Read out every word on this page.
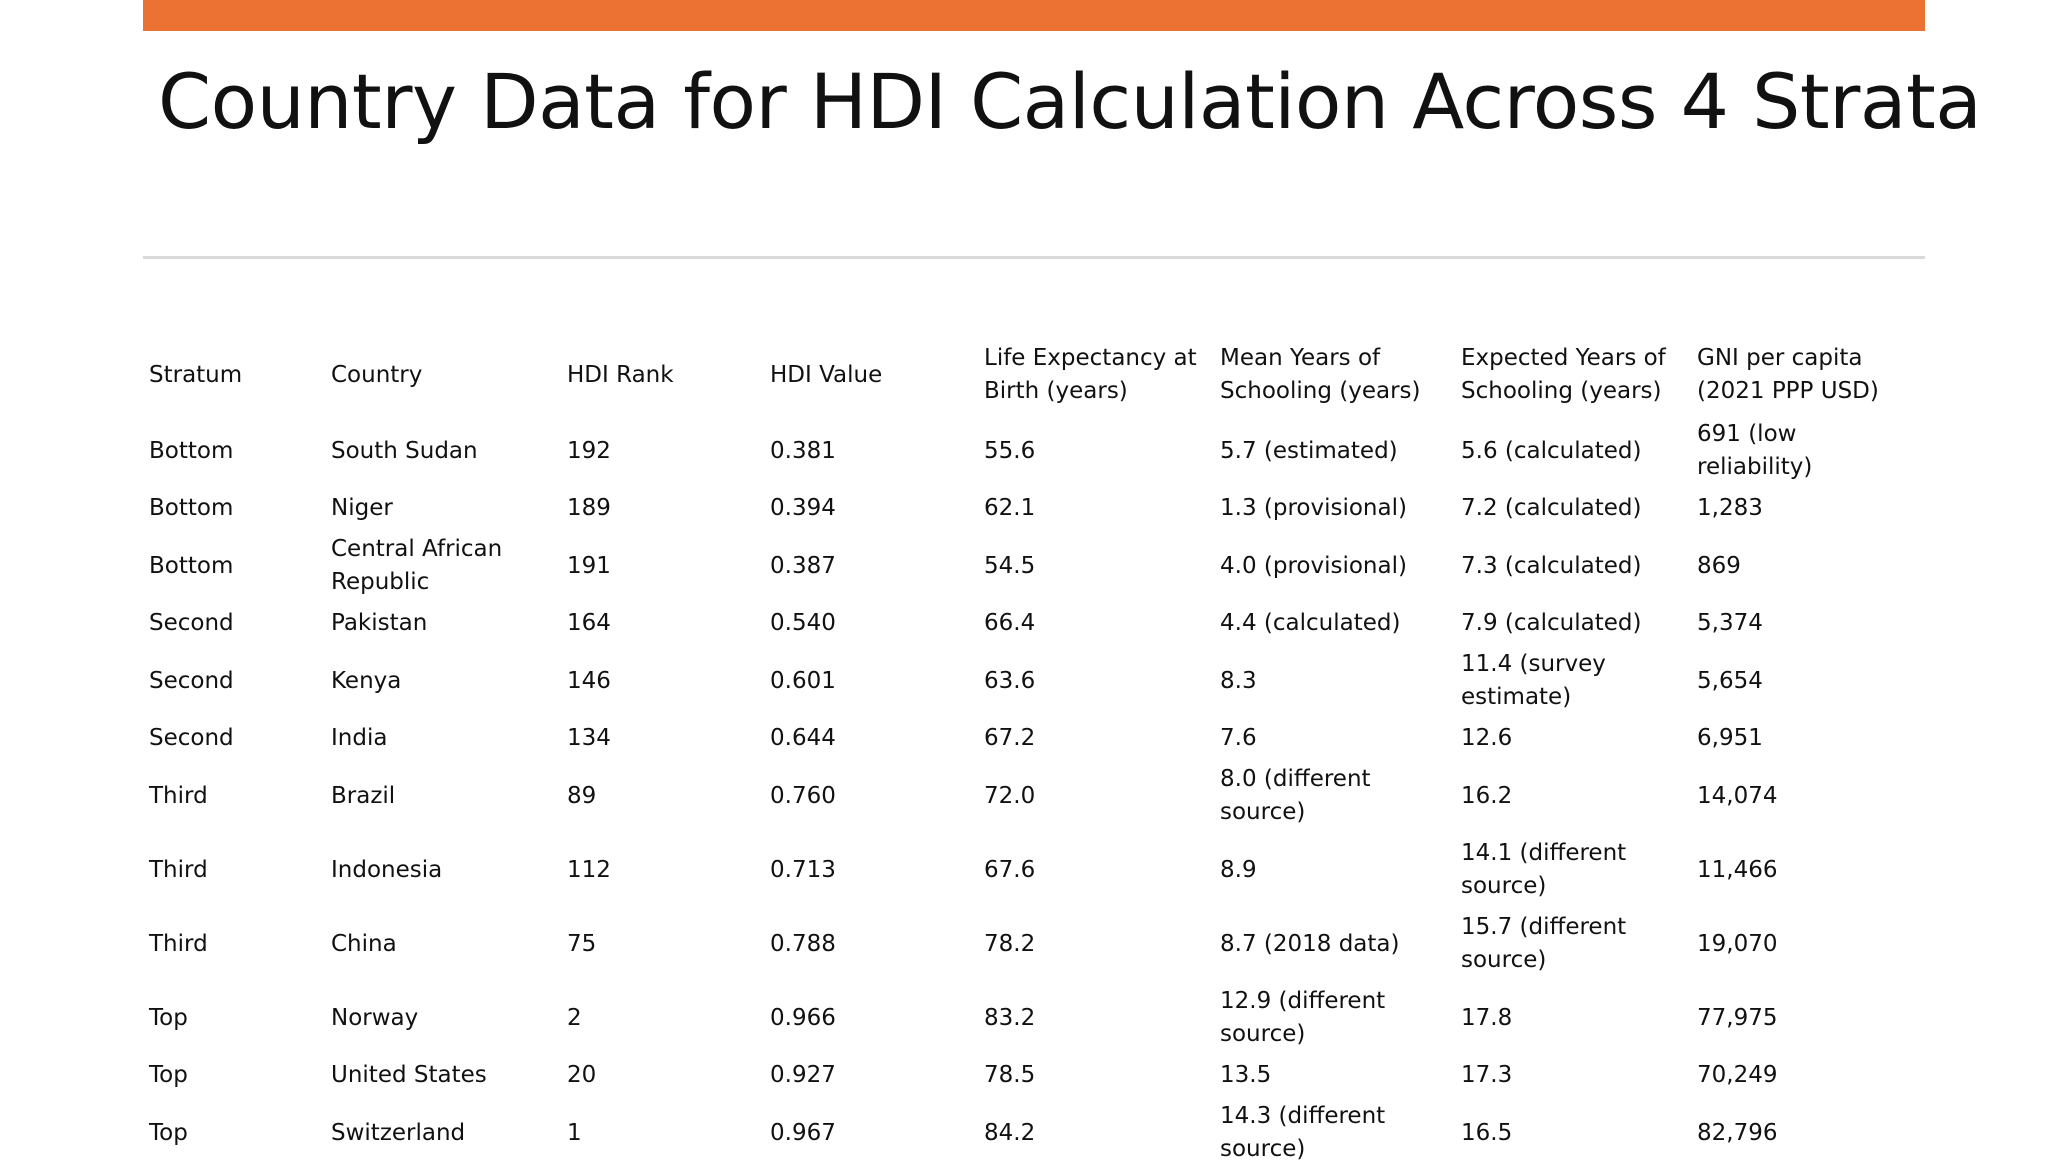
Country Data for HDI Calculation Across 4 Strata
Stratum	Country	HDI Rank	HDI Value	Life Expectancy at Birth (years)	Mean Years of Schooling (years)	Expected Years of Schooling (years)	GNI per capita (2021 PPP USD)
Bottom	South Sudan	192	0.381	55.6	5.7 (estimated)	5.6 (calculated)	691 (low reliability)
Bottom	Niger	189	0.394	62.1	1.3 (provisional)	7.2 (calculated)	1,283
Bottom	Central African Republic	191	0.387	54.5	4.0 (provisional)	7.3 (calculated)	869
Second	Pakistan	164	0.540	66.4	4.4 (calculated)	7.9 (calculated)	5,374
Second	Kenya	146	0.601	63.6	8.3	11.4 (survey estimate)	5,654
Second	India	134	0.644	67.2	7.6	12.6	6,951
Third	Brazil	89	0.760	72.0	8.0 (different source)	16.2	14,074
Third	Indonesia	112	0.713	67.6	8.9	14.1 (different source)	11,466
Third	China	75	0.788	78.2	8.7 (2018 data)	15.7 (different source)	19,070
Top	Norway	2	0.966	83.2	12.9 (different source)	17.8	77,975
Top	United States	20	0.927	78.5	13.5	17.3	70,249
Top	Switzerland	1	0.967	84.2	14.3 (different source)	16.5	82,796
